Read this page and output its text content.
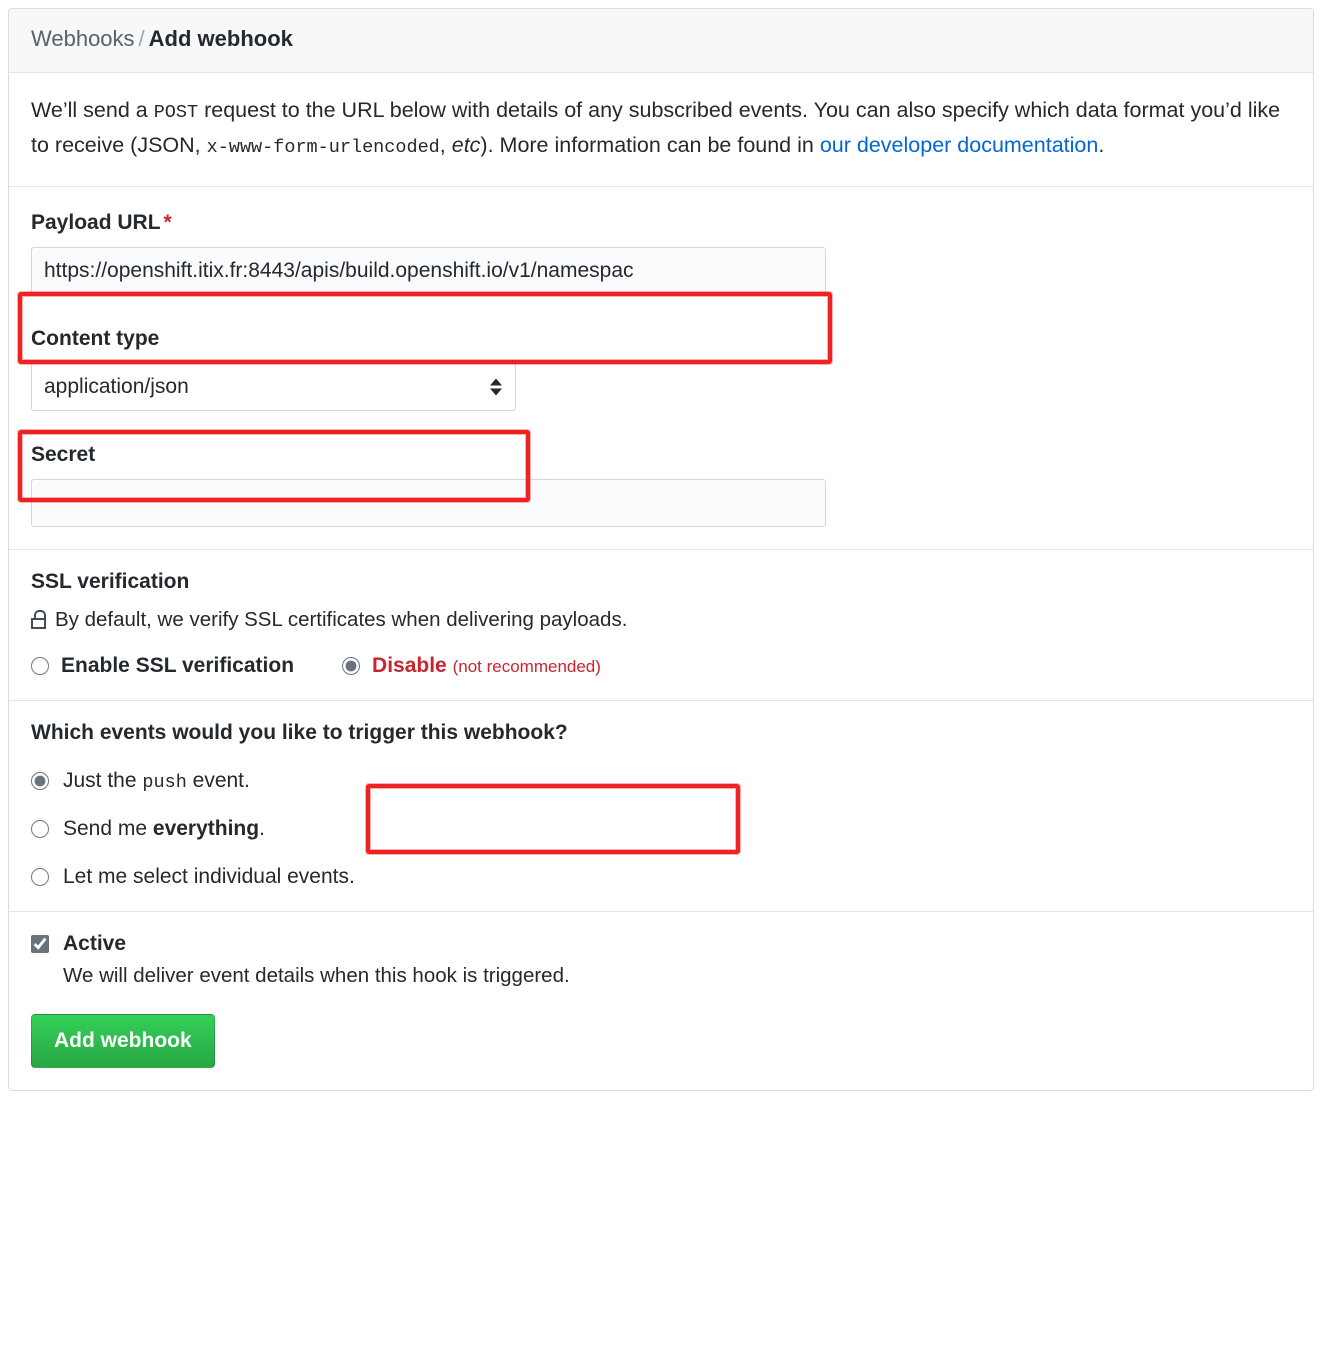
Webhooks / Add webhook
We’ll send a POST request to the URL below with details of any subscribed events. You can also specify which data format you’d like to receive (JSON, x-www-form-urlencoded, etc). More information can be found in our developer documentation.
Payload URL *
https://openshift.itix.fr:8443/apis/build.openshift.io/v1/namespac
Content type
application/json
Secret
SSL verification
By default, we verify SSL certificates when delivering payloads.
Enable SSL verification	Disable (not recommended)
Which events would you like to trigger this webhook?
Just the push event.
Send me everything.
Let me select individual events.
Active
We will deliver event details when this hook is triggered.
Add webhook
